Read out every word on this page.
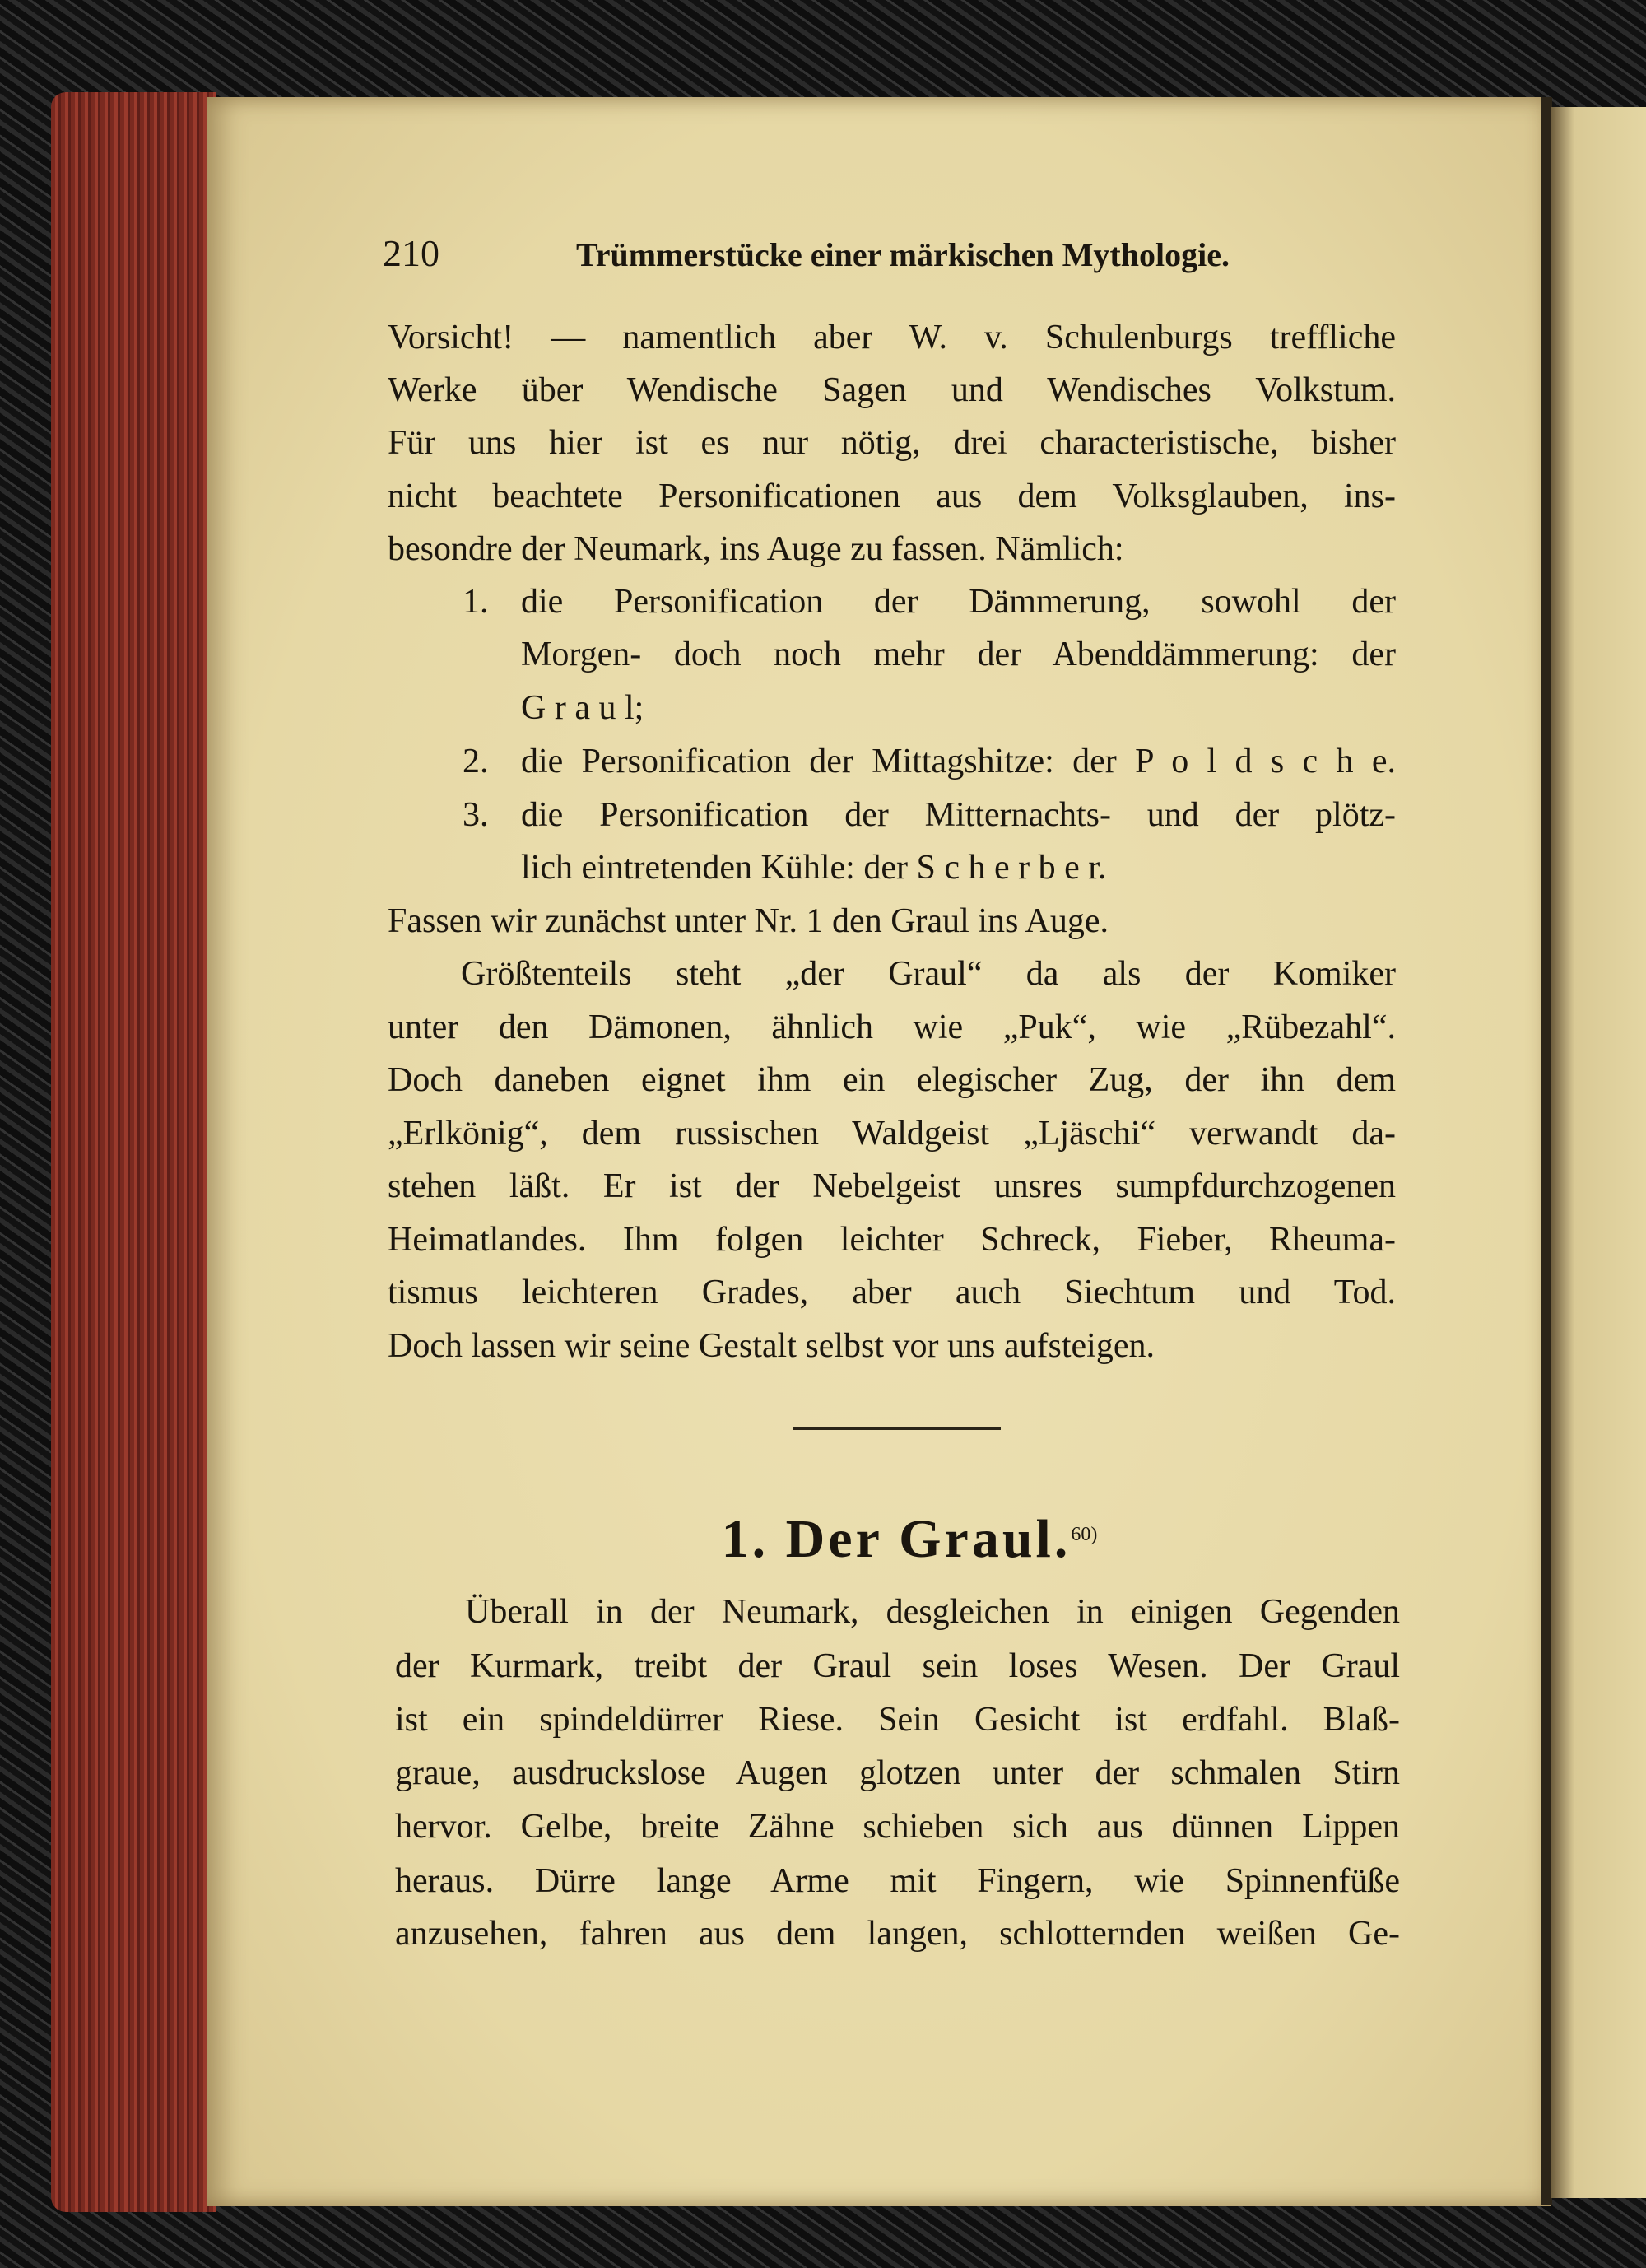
210	Trümmerstücke einer märkischen Mythologie.
Vorsicht! — namentlich aber W. v. Schulenburgs treffliche
Werke über Wendische Sagen und Wendisches Volkstum.
Für uns hier ist es nur nötig, drei characteristische, bisher
nicht beachtete Personificationen aus dem Volksglauben, ins-
besondre der Neumark, ins Auge zu fassen. Nämlich:
die Personification der Dämmerung, sowohl der
Morgen- doch noch mehr der Abenddämmerung: der
G r a u l;
die Personification der Mittagshitze: der P o l d s c h e.
die Personification der Mitternachts- und der plötz-
lich eintretenden Kühle: der S c h e r b e r.
Fassen wir zunächst unter Nr. 1 den Graul ins Auge.
Größtenteils steht „der Graul“ da als der Komiker
unter den Dämonen, ähnlich wie „Puk“, wie „Rübezahl“.
Doch daneben eignet ihm ein elegischer Zug, der ihn dem
„Erlkönig“, dem russischen Waldgeist „Ljäschi“ verwandt da-
stehen läßt. Er ist der Nebelgeist unsres sumpfdurchzogenen
Heimatlandes. Ihm folgen leichter Schreck, Fieber, Rheuma-
tismus leichteren Grades, aber auch Siechtum und Tod.
Doch lassen wir seine Gestalt selbst vor uns aufsteigen.
1.
2.
3.
1. Der Graul.$^{60)}$
Überall in der Neumark, desgleichen in einigen Gegenden
der Kurmark, treibt der Graul sein loses Wesen. Der Graul
ist ein spindeldürrer Riese. Sein Gesicht ist erdfahl. Blaß-
graue, ausdruckslose Augen glotzen unter der schmalen Stirn
hervor. Gelbe, breite Zähne schieben sich aus dünnen Lippen
heraus. Dürre lange Arme mit Fingern, wie Spinnenfüße
anzusehen, fahren aus dem langen, schlotternden weißen Ge-
